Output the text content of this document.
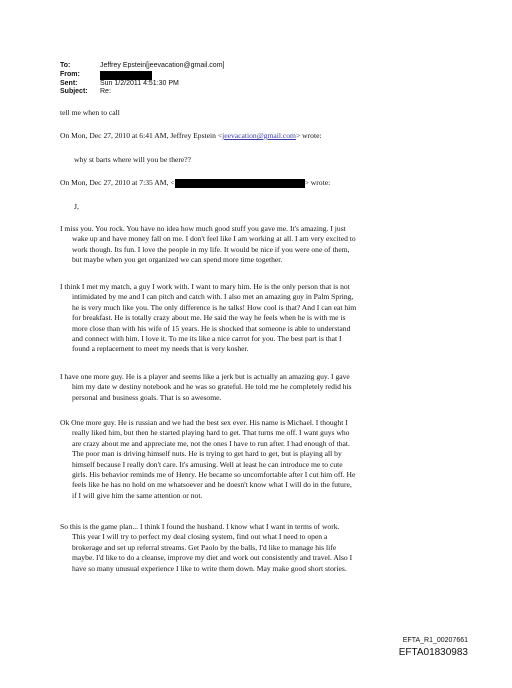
To:	Jeffrey Epstein[jeevacation@gmail.com]
From:
Sent:	Sun 1/2/2011 4:51:30 PM
Subject:	Re:

tell me when to call

On Mon, Dec 27, 2010 at 6:41 AM, Jeffrey Epstein <jeevacation@gmail.com> wrote:

why st barts where will you be there??

On Mon, Dec 27, 2010 at 7:35 AM, <	> wrote:

J,

I miss you. You rock. You have no idea how much good stuff you gave me. It's amazing. I just
wake up and have money fall on me. I don't feel like I am working at all. I am very excited to
work though. Its fun. I love the people in my life. It would be nice if you were one of them,
but maybe when you get organized we can spend more time together.
I think I met my match, a guy I work with. I want to mary him. He is the only person that is not
intimidated by me and I can pitch and catch with. I also met an amazing guy in Palm Spring,
he is very much like you. The only difference is he talks! How cool is that? And I can eat him
for breakfast. He is totally crazy about me. He said the way he feels when he is with me is
more close than with his wife of 15 years. He is shocked that someone is able to understand
and connect with him. I love it. To me its like a nice carrot for you. The best part is that I
found a replacement to meet my needs that is very kosher.
I have one more guy. He is a player and seems like a jerk but is actually an amazing guy. I gave
him my date w destiny notebook and he was so grateful. He told me he completely redid his
personal and business goals. That is so awesome.
Ok One more guy. He is russian and we had the best sex ever. His name is Michael. I thought I
really liked him, but then he started playing hard to get. That turns me off. I want guys who
are crazy about me and appreciate me, not the ones I have to run after. I had enough of that.
The poor man is driving himself nuts. He is trying to get hard to get, but is playing all by
himself because I really don't care. It's amusing. Well at least he can introduce me to cute
girls. His behavior reminds me of Henry. He became so uncomfortable after I cut him off. He
feels like he has no hold on me whatsoever and he doesn't know what I will do in the future,
if I will give him the same attention or not.
So this is the game plan... I think I found the husband. I know what I want in terms of work.
This year I will try to perfect my deal closing system, find out what I need to open a
brokerage and set up referral streams. Get Paolo by the balls, I'd like to manage his life
maybe. I'd like to do a cleanse, improve my diet and work out consistently and travel. Also I
have so many unusual experience I like to write them down. May make good short stories.
EFTA_R1_00207661
EFTA01830983
